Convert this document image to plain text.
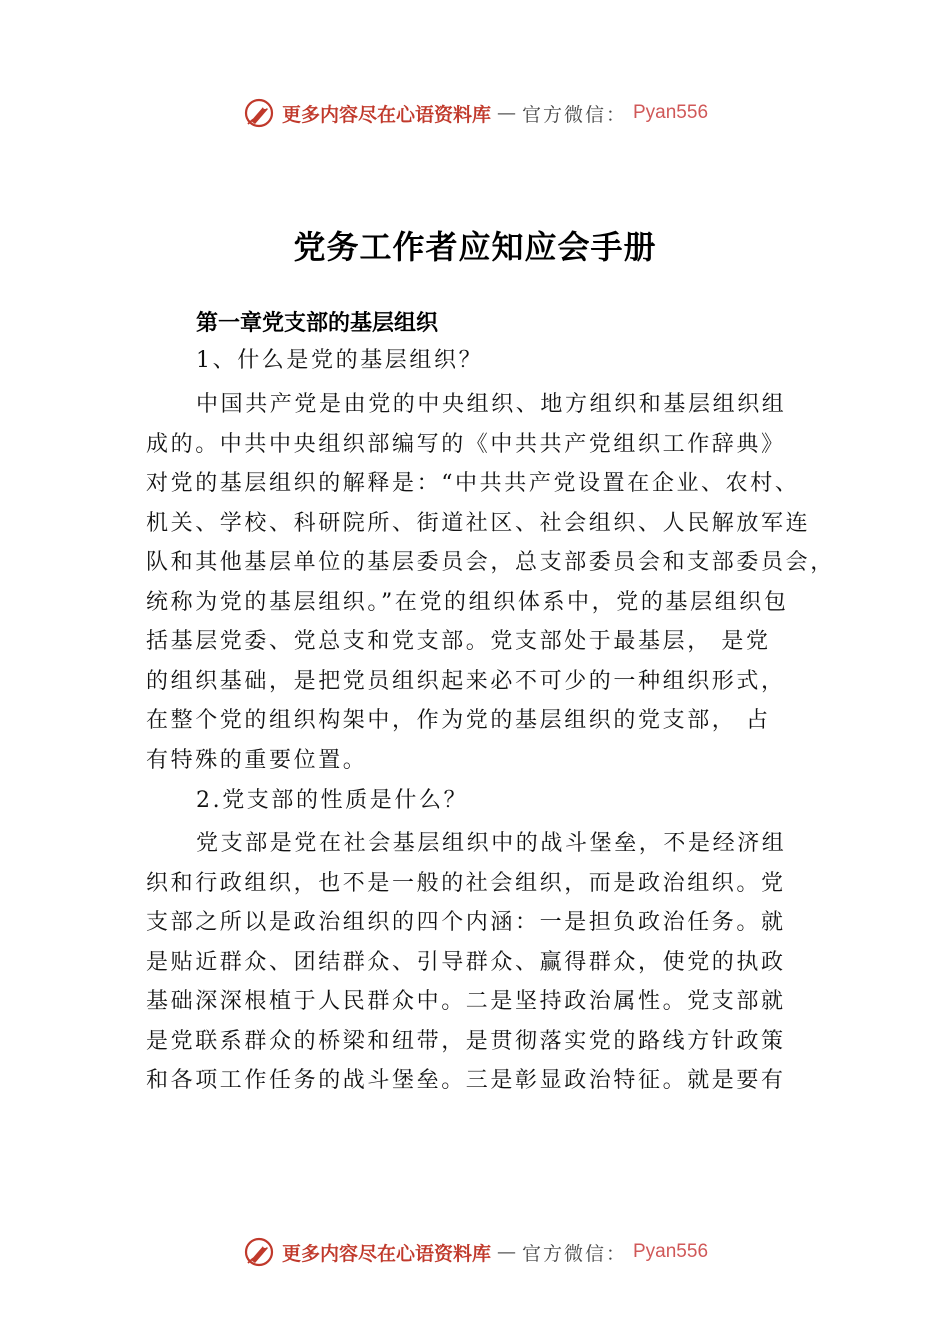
更多内容尽在心语资料库 — 官方微信： Pyan556
党务工作者应知应会手册
第一章党支部的基层组织
1、什么是党的基层组织？
中国共产党是由党的中央组织、地方组织和基层组织组
成的。中共中央组织部编写的《中共共产党组织工作辞典》
对党的基层组织的解释是：“中共共产党设置在企业、农村、
机关、学校、科研院所、街道社区、社会组织、人民解放军连
队和其他基层单位的基层委员会，总支部委员会和支部委员会，
统称为党的基层组织。”在党的组织体系中，党的基层组织包
括基层党委、党总支和党支部。党支部处于最基层， 是党
的组织基础，是把党员组织起来必不可少的一种组织形式，
在整个党的组织构架中，作为党的基层组织的党支部， 占
有特殊的重要位置。
2.党支部的性质是什么？
党支部是党在社会基层组织中的战斗堡垒，不是经济组
织和行政组织，也不是一般的社会组织，而是政治组织。党
支部之所以是政治组织的四个内涵：一是担负政治任务。就
是贴近群众、团结群众、引导群众、赢得群众，使党的执政
基础深深根植于人民群众中。二是坚持政治属性。党支部就
是党联系群众的桥梁和纽带，是贯彻落实党的路线方针政策
和各项工作任务的战斗堡垒。三是彰显政治特征。就是要有
更多内容尽在心语资料库 — 官方微信： Pyan556
